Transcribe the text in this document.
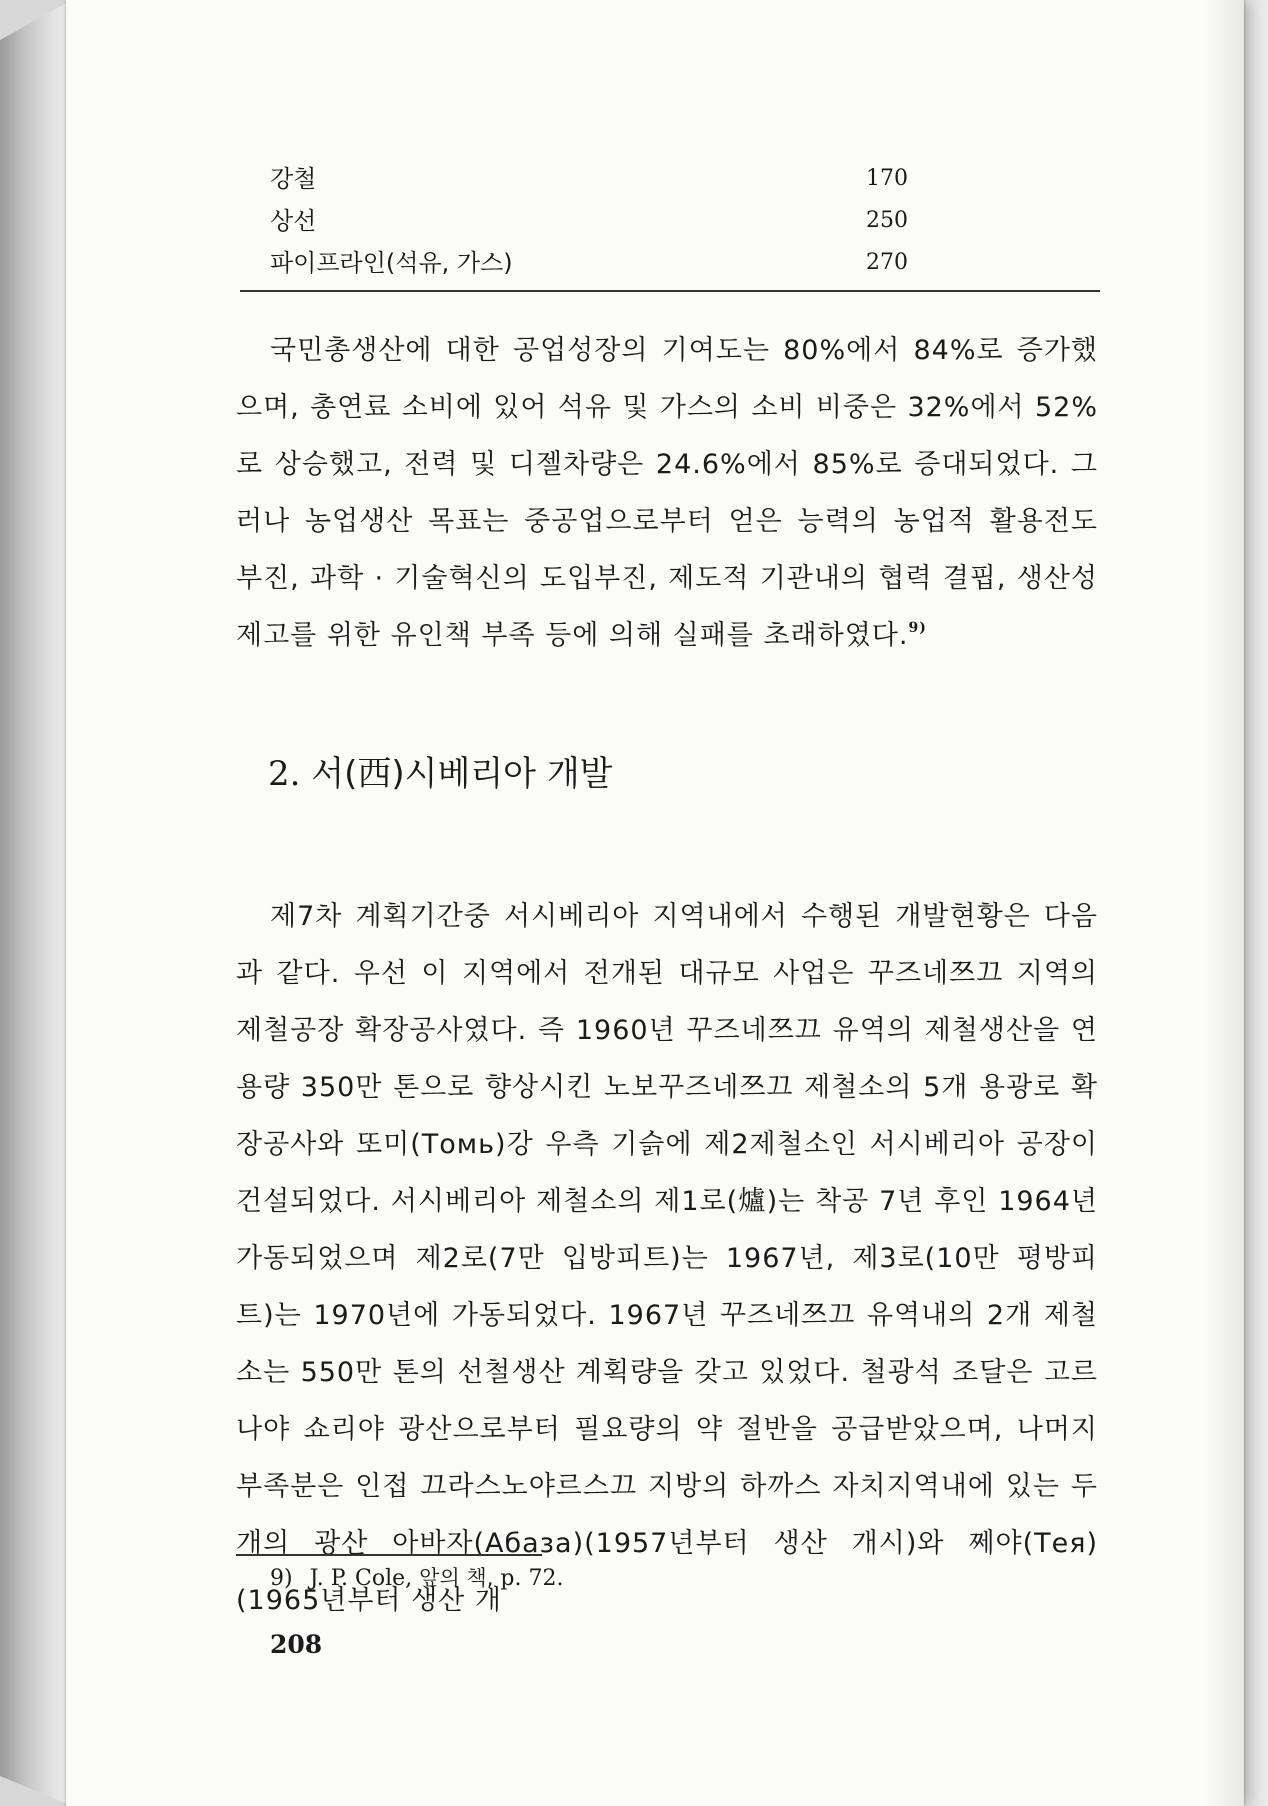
강철	170
상선	250
파이프라인(석유, 가스)	270

국민총생산에 대한 공업성장의 기여도는 80%에서 84%로 증가했으며, 총연료 소비에 있어 석유 및 가스의 소비 비중은 32%에서 52%로 상승했고, 전력 및 디젤차량은 24.6%에서 85%로 증대되었다. 그러나 농업생산 목표는 중공업으로부터 얻은 능력의 농업적 활용전도 부진, 과학 · 기술혁신의 도입부진, 제도적 기관내의 협력 결핍, 생산성 제고를 위한 유인책 부족 등에 의해 실패를 초래하였다.$^{9)}$

2. 서(西)시베리아 개발

제7차 계획기간중 서시베리아 지역내에서 수행된 개발현황은 다음과 같다. 우선 이 지역에서 전개된 대규모 사업은 꾸즈네쯔끄 지역의 제철공장 확장공사였다. 즉 1960년 꾸즈네쯔끄 유역의 제철생산을 연용량 350만 톤으로 향상시킨 노보꾸즈네쯔끄 제철소의 5개 용광로 확장공사와 또미(Томь)강 우측 기슭에 제2제철소인 서시베리아 공장이 건설되었다. 서시베리아 제철소의 제1로(爐)는 착공 7년 후인 1964년 가동되었으며 제2로(7만 입방피트)는 1967년, 제3로(10만 평방피트)는 1970년에 가동되었다. 1967년 꾸즈네쯔끄 유역내의 2개 제철소는 550만 톤의 선철생산 계획량을 갖고 있었다. 철광석 조달은 고르나야 쇼리야 광산으로부터 필요량의 약 절반을 공급받았으며, 나머지 부족분은 인접 끄라스노야르스끄 지방의 하까스 자치지역내에 있는 두 개의 광산 아바자(Абаза)(1957년부터 생산 개시)와 쩨야(Тея)(1965년부터 생산 개

9) J. P. Cole, 앞의 책, p. 72.
208
